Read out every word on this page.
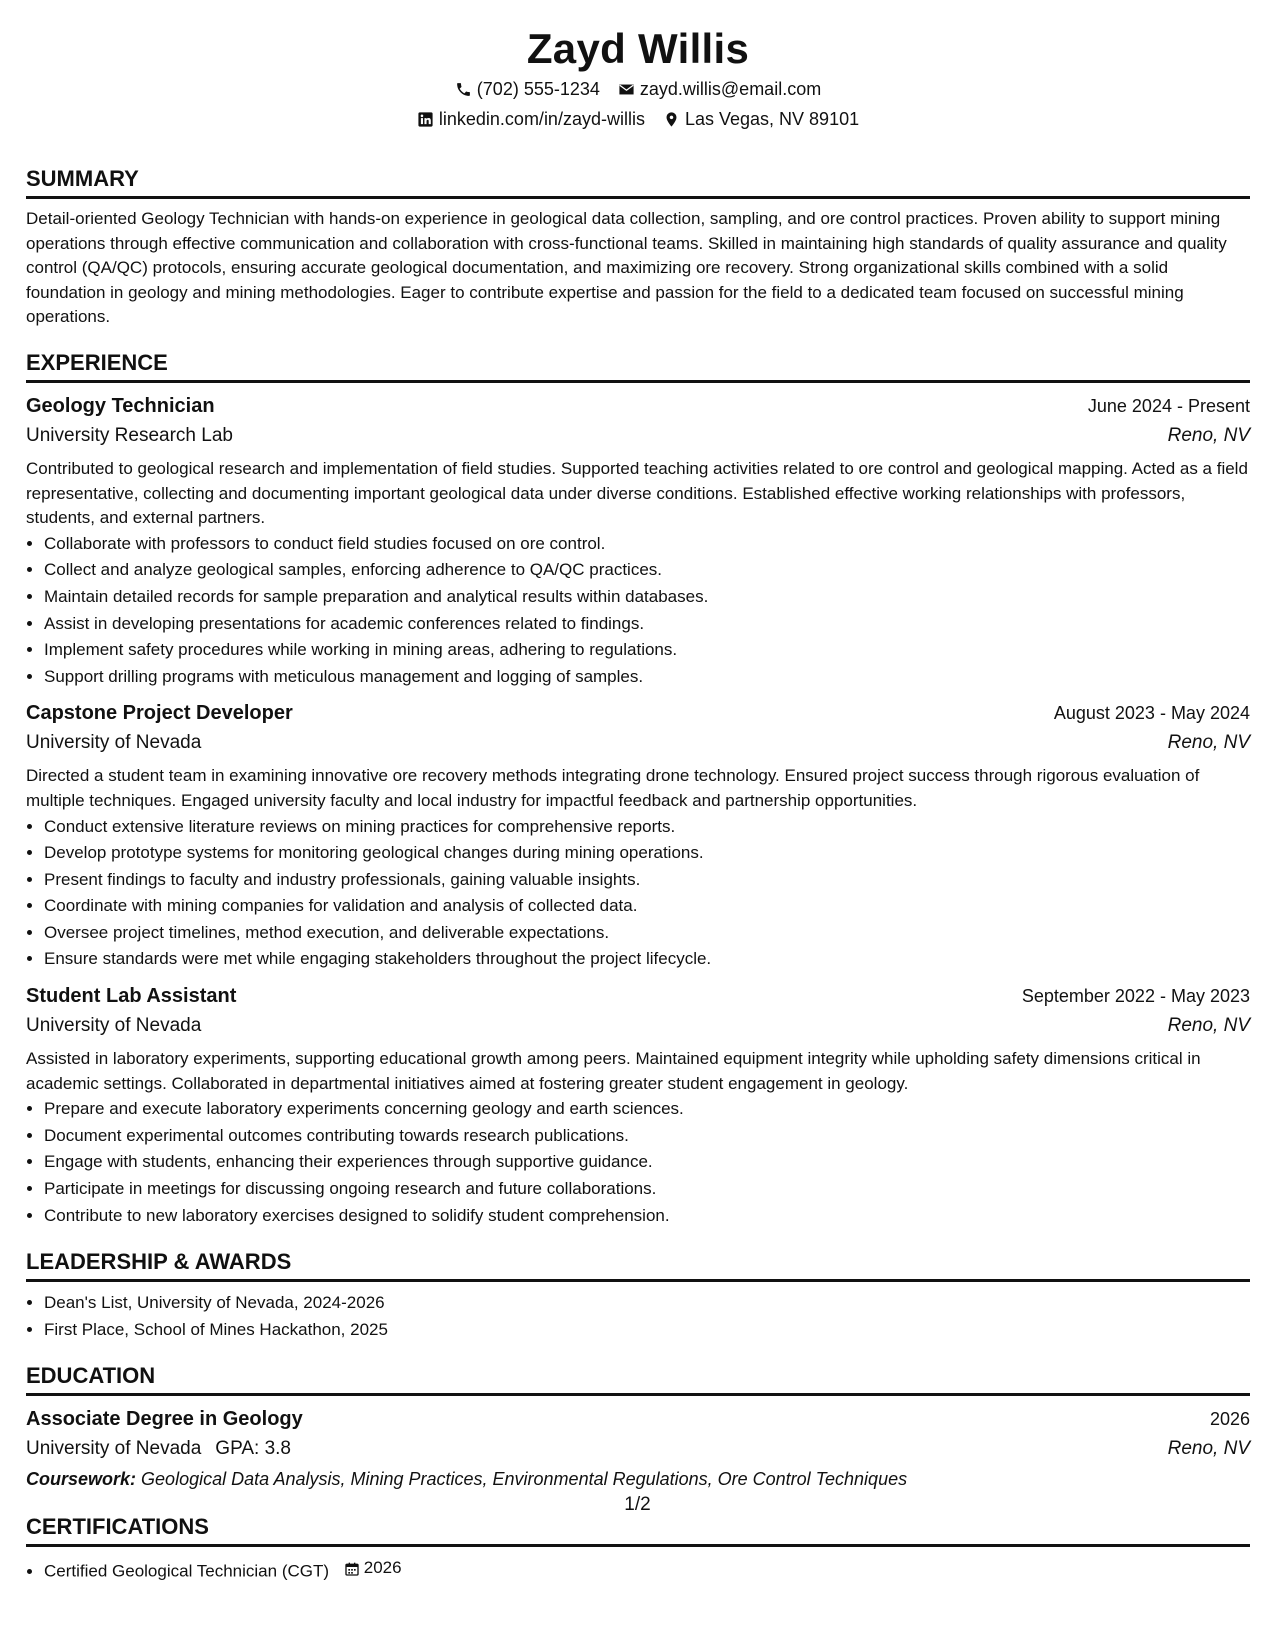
Zayd Willis
(702) 555-1234 zayd.willis@email.com
linkedin.com/in/zayd-willis Las Vegas, NV 89101
SUMMARY

Detail-oriented Geology Technician with hands-on experience in geological data collection, sampling, and ore control practices. Proven ability to support mining operations through effective communication and collaboration with cross-functional teams. Skilled in maintaining high standards of quality assurance and quality control (QA/QC) protocols, ensuring accurate geological documentation, and maximizing ore recovery. Strong organizational skills combined with a solid foundation in geology and mining methodologies. Eager to contribute expertise and passion for the field to a dedicated team focused on successful mining operations.

EXPERIENCE
Geology Technician	June 2024 - Present
University Research Lab	Reno, NV

Contributed to geological research and implementation of field studies. Supported teaching activities related to ore control and geological mapping. Acted as a field representative, collecting and documenting important geological data under diverse conditions. Established effective working relationships with professors, students, and external partners.

• Collaborate with professors to conduct field studies focused on ore control.
• Collect and analyze geological samples, enforcing adherence to QA/QC practices.
• Maintain detailed records for sample preparation and analytical results within databases.
• Assist in developing presentations for academic conferences related to findings.
• Implement safety procedures while working in mining areas, adhering to regulations.
• Support drilling programs with meticulous management and logging of samples.
Capstone Project Developer	August 2023 - May 2024
University of Nevada	Reno, NV

Directed a student team in examining innovative ore recovery methods integrating drone technology. Ensured project success through rigorous evaluation of multiple techniques. Engaged university faculty and local industry for impactful feedback and partnership opportunities.

• Conduct extensive literature reviews on mining practices for comprehensive reports.
• Develop prototype systems for monitoring geological changes during mining operations.
• Present findings to faculty and industry professionals, gaining valuable insights.
• Coordinate with mining companies for validation and analysis of collected data.
• Oversee project timelines, method execution, and deliverable expectations.
• Ensure standards were met while engaging stakeholders throughout the project lifecycle.
Student Lab Assistant	September 2022 - May 2023
University of Nevada	Reno, NV

Assisted in laboratory experiments, supporting educational growth among peers. Maintained equipment integrity while upholding safety dimensions critical in academic settings. Collaborated in departmental initiatives aimed at fostering greater student engagement in geology.

• Prepare and execute laboratory experiments concerning geology and earth sciences.
• Document experimental outcomes contributing towards research publications.
• Engage with students, enhancing their experiences through supportive guidance.
• Participate in meetings for discussing ongoing research and future collaborations.
• Contribute to new laboratory exercises designed to solidify student comprehension.
LEADERSHIP & AWARDS
• Dean's List, University of Nevada, 2024-2026
• First Place, School of Mines Hackathon, 2025
EDUCATION
Associate Degree in Geology	2026
University of Nevada GPA: 3.8	Reno, NV
Coursework: Geological Data Analysis, Mining Practices, Environmental Regulations, Ore Control Techniques
CERTIFICATIONS
• Certified Geological Technician (CGT) 2026
1/2
